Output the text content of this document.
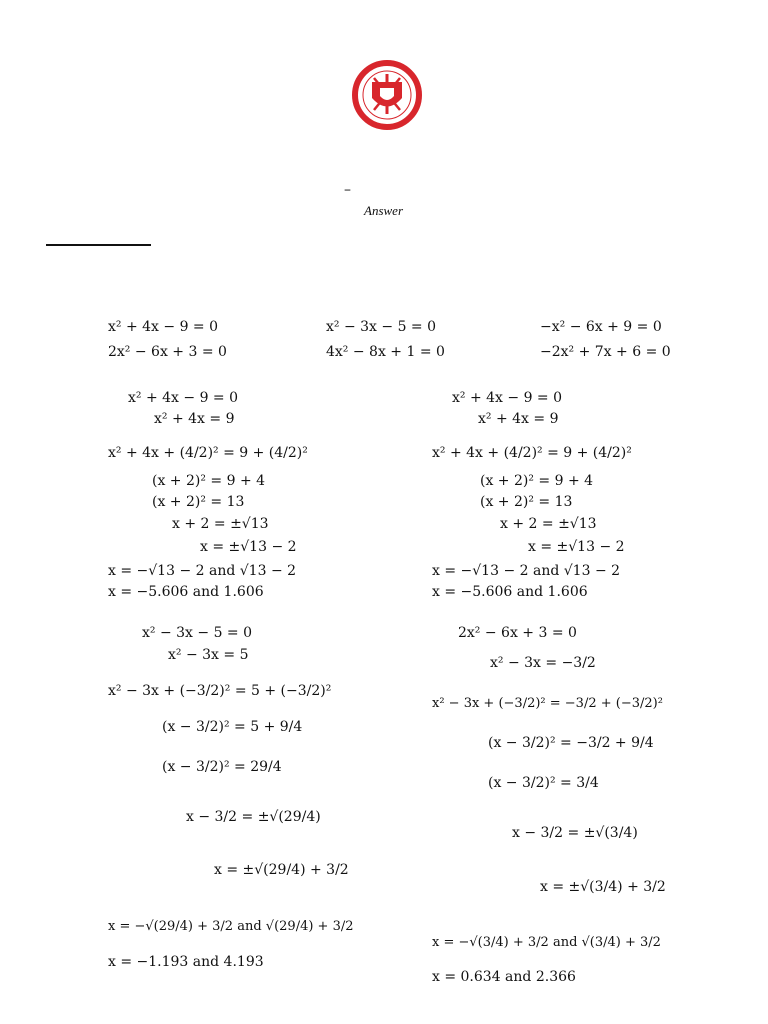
–
Answer
x² + 4x − 9 = 0	x² − 3x − 5 = 0	−x² − 6x + 9 = 0
2x² − 6x + 3 = 0	4x² − 8x + 1 = 0	−2x² + 7x + 6 = 0
x² + 4x − 9 = 0
x² + 4x = 9
x² + 4x + (4/2)² = 9 + (4/2)²
(x + 2)² = 9 + 4
(x + 2)² = 13
x + 2 = ±√13
x = ±√13 − 2
x = −√13 − 2 and √13 − 2
x = −5.606 and 1.606
x² + 4x − 9 = 0
x² + 4x = 9
x² + 4x + (4/2)² = 9 + (4/2)²
(x + 2)² = 9 + 4
(x + 2)² = 13
x + 2 = ±√13
x = ±√13 − 2
x = −√13 − 2 and √13 − 2
x = −5.606 and 1.606
x² − 3x − 5 = 0
x² − 3x = 5
x² − 3x + (−3/2)² = 5 + (−3/2)²
(x − 3/2)² = 5 + 9/4
(x − 3/2)² = 29/4
x − 3/2 = ±√(29/4)
x = ±√(29/4) + 3/2
x = −√(29/4) + 3/2 and √(29/4) + 3/2
x = −1.193 and 4.193
2x² − 6x + 3 = 0
x² − 3x = −3/2
x² − 3x + (−3/2)² = −3/2 + (−3/2)²
(x − 3/2)² = −3/2 + 9/4
(x − 3/2)² = 3/4
x − 3/2 = ±√(3/4)
x = ±√(3/4) + 3/2
x = −√(3/4) + 3/2 and √(3/4) + 3/2
x = 0.634 and 2.366
